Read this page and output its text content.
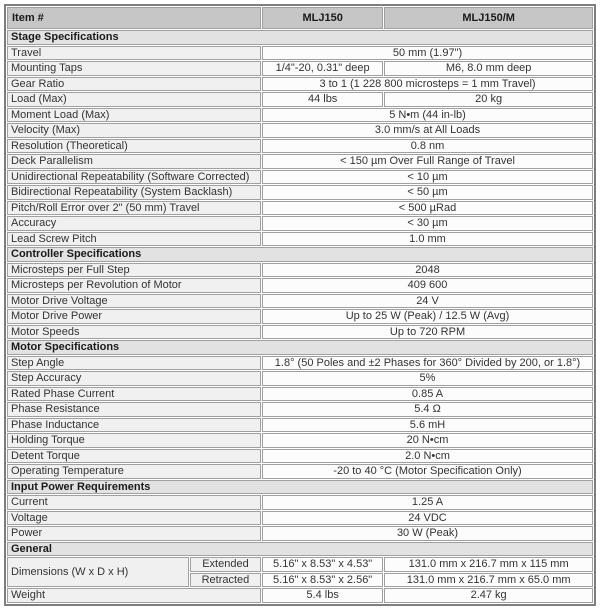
Item #		MLJ150	MLJ150/M
Stage Specifications			
Travel		50 mm (1.97")	
Mounting Taps		1/4"-20, 0.31" deep	M6, 8.0 mm deep
Gear Ratio		3 to 1 (1 228 800 microsteps = 1 mm Travel)	
Load (Max)		44 lbs	20 kg
Moment Load (Max)		5 N•m (44 in-lb)	
Velocity (Max)		3.0 mm/s at All Loads	
Resolution (Theoretical)		0.8 nm	
Deck Parallelism		< 150 µm Over Full Range of Travel	
Unidirectional Repeatability (Software Corrected)		< 10 µm	
Bidirectional Repeatability (System Backlash)		< 50 µm	
Pitch/Roll Error over 2" (50 mm) Travel		< 500 µRad	
Accuracy		< 30 µm	
Lead Screw Pitch		1.0 mm	
Controller Specifications			
Microsteps per Full Step		2048	
Microsteps per Revolution of Motor		409 600	
Motor Drive Voltage		24 V	
Motor Drive Power		Up to 25 W (Peak) / 12.5 W (Avg)	
Motor Speeds		Up to 720 RPM	
Motor Specifications			
Step Angle		1.8° (50 Poles and ±2 Phases for 360° Divided by 200, or 1.8°)	
Step Accuracy		5%	
Rated Phase Current		0.85 A	
Phase Resistance		5.4 Ω	
Phase Inductance		5.6 mH	
Holding Torque		20 N•cm	
Detent Torque		2.0 N•cm	
Operating Temperature		-20 to 40 °C (Motor Specification Only)	
Input Power Requirements			
Current		1.25 A	
Voltage		24 VDC	
Power		30 W (Peak)	
General			
Dimensions (W x D x H)	Extended	5.16" x 8.53" x 4.53"	131.0 mm x 216.7 mm x 115 mm
	Retracted	5.16" x 8.53" x 2.56"	131.0 mm x 216.7 mm x 65.0 mm
Weight		5.4 lbs	2.47 kg
